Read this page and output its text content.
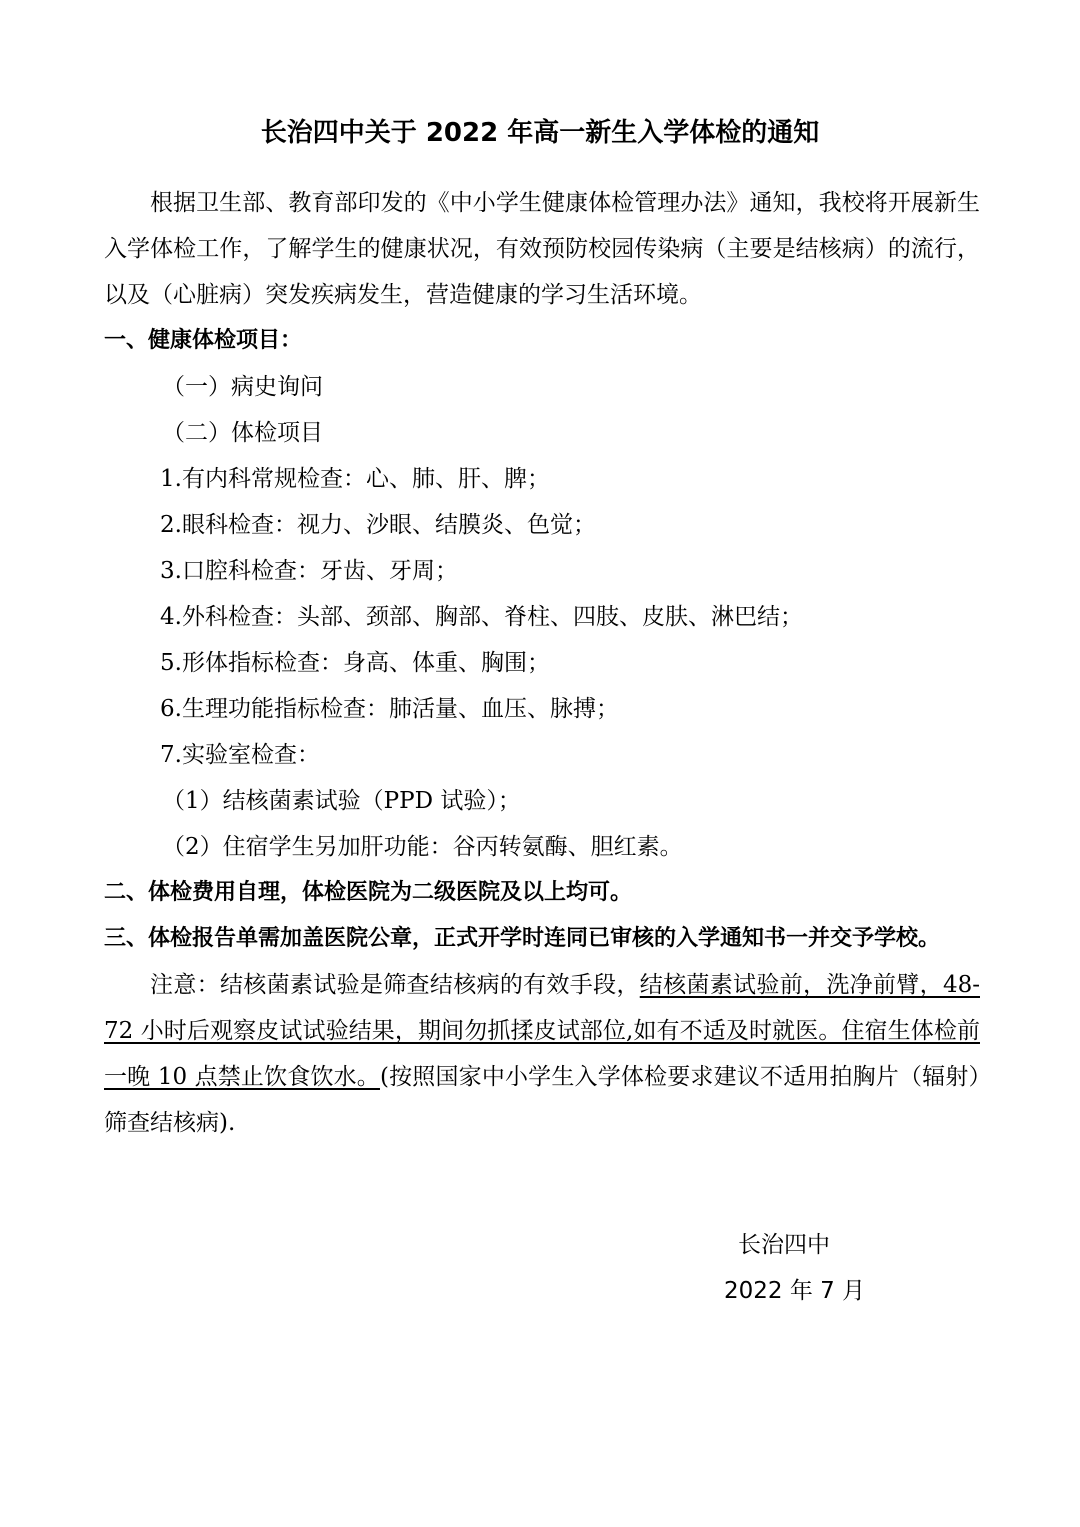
长治四中关于 2022 年高一新生入学体检的通知

根据卫生部、教育部印发的《中小学生健康体检管理办法》通知，我校将开展新生入学体检工作，了解学生的健康状况，有效预防校园传染病（主要是结核病）的流行，以及（心脏病）突发疾病发生，营造健康的学习生活环境。

一、健康体检项目：

（一）病史询问

（二）体检项目

1.有内科常规检查：心、肺、肝、脾；

2.眼科检查：视力、沙眼、结膜炎、色觉；

3.口腔科检查：牙齿、牙周；

4.外科检查：头部、颈部、胸部、脊柱、四肢、皮肤、淋巴结；

5.形体指标检查：身高、体重、胸围；

6.生理功能指标检查：肺活量、血压、脉搏；

7.实验室检查：

（1）结核菌素试验（PPD 试验）；

（2）住宿学生另加肝功能：谷丙转氨酶、胆红素。

二、体检费用自理，体检医院为二级医院及以上均可。

三、体检报告单需加盖医院公章，正式开学时连同已审核的入学通知书一并交予学校。

注意：结核菌素试验是筛查结核病的有效手段，结核菌素试验前，洗净前臂，48-72 小时后观察皮试试验结果，期间勿抓揉皮试部位,如有不适及时就医。住宿生体检前一晚 10 点禁止饮食饮水。(按照国家中小学生入学体检要求建议不适用拍胸片（辐射）筛查结核病).

长治四中

2022 年 7 月
